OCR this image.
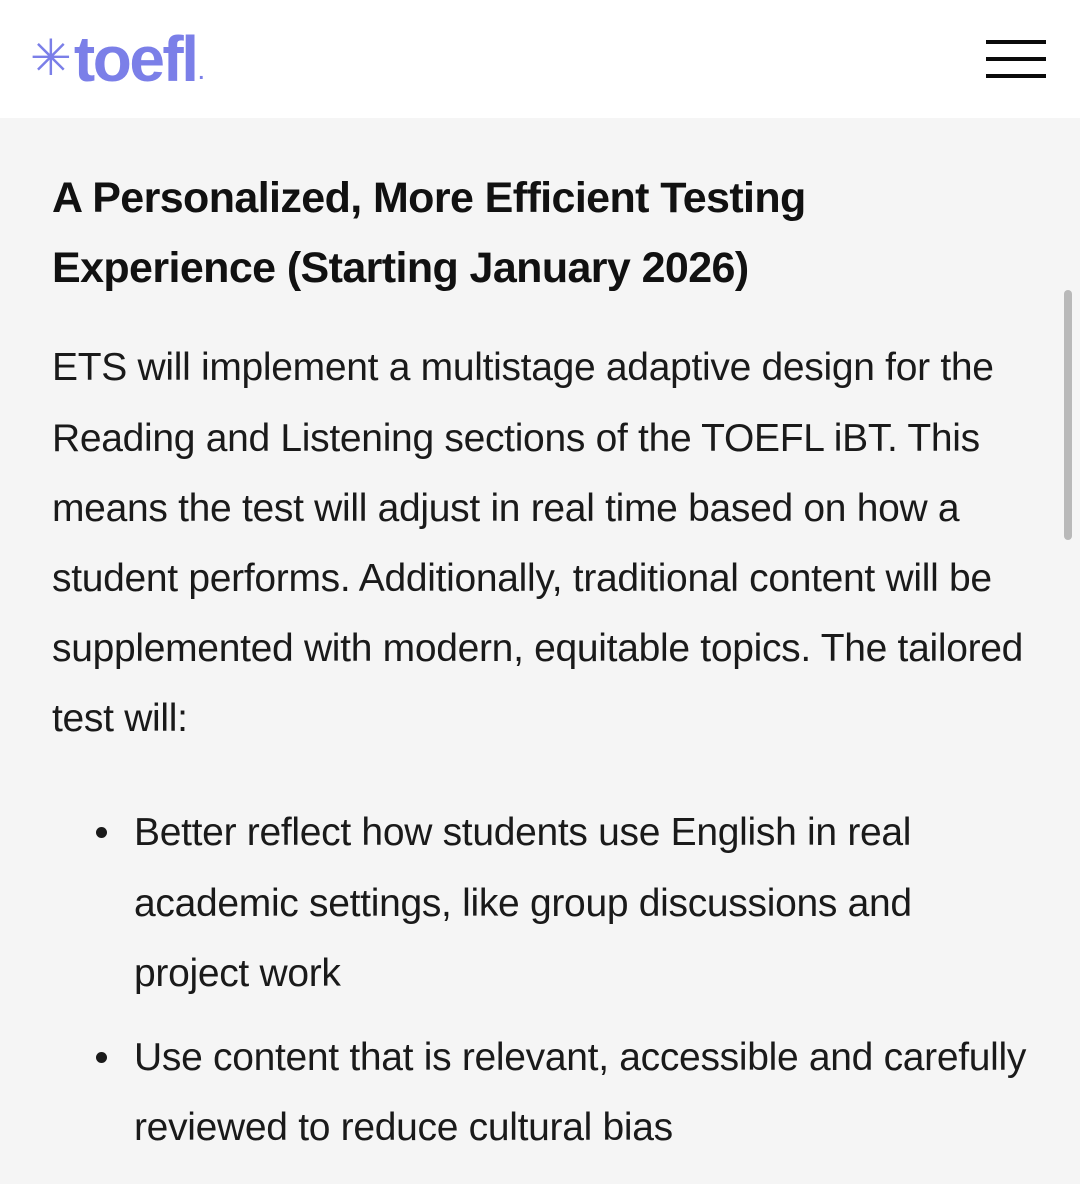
✳ toefl .
A Personalized, More Efficient Testing Experience (Starting January 2026)

ETS will implement a multistage adaptive design for the Reading and Listening sections of the TOEFL iBT. This means the test will adjust in real time based on how a student performs. Additionally, traditional content will be supplemented with modern, equitable topics. The tailored test will:

Better reflect how students use English in real academic settings, like group discussions and project work
Use content that is relevant, accessible and carefully reviewed to reduce cultural bias
